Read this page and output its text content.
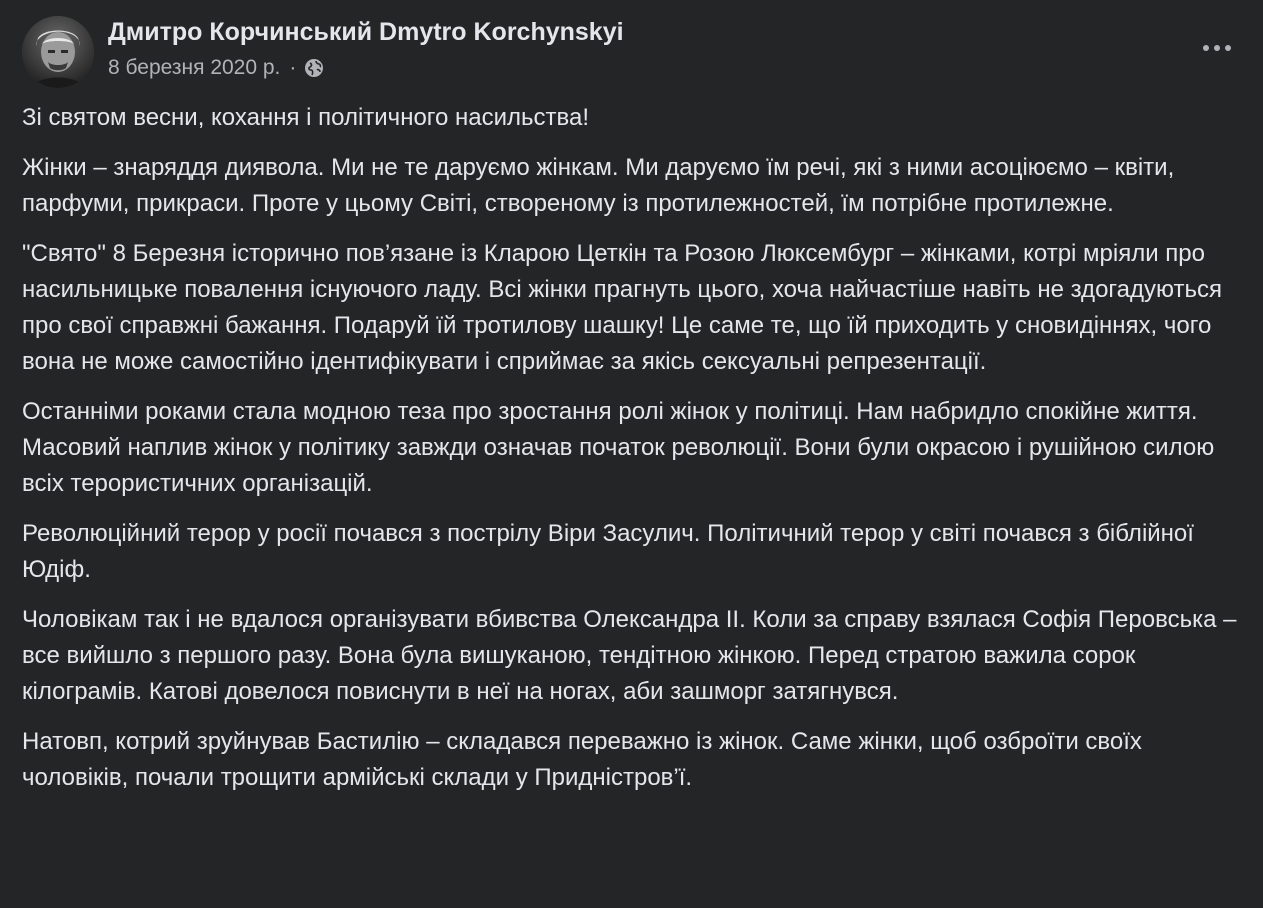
Дмитро Корчинський Dmytro Korchynskyi
8 березня 2020 р. ·

Зі святом весни, кохання і політичного насильства!

Жінки – знаряддя диявола. Ми не те даруємо жінкам. Ми даруємо їм речі, які з ними асоціюємо – квіти, парфуми, прикраси. Проте у цьому Світі, створеному із протилежностей, їм потрібне протилежне.

"Свято" 8 Березня історично пов’язане із Кларою Цеткін та Розою Люксембург – жінками, котрі мріяли про насильницьке повалення існуючого ладу. Всі жінки прагнуть цього, хоча найчастіше навіть не здогадуються про свої справжні бажання. Подаруй їй тротилову шашку! Це саме те, що їй приходить у сновидіннях, чого вона не може самостійно ідентифікувати і сприймає за якісь сексуальні репрезентації.

Останніми роками стала модною теза про зростання ролі жінок у політиці. Нам набридло спокійне життя. Масовий наплив жінок у політику завжди означав початок революції. Вони були окрасою і рушійною силою всіх терористичних організацій.

Революційний терор у росії почався з пострілу Віри Засулич. Політичний терор у світі почався з біблійної Юдіф.

Чоловікам так і не вдалося організувати вбивства Олександра ІІ. Коли за справу взялася Софія Перовська – все вийшло з першого разу. Вона була вишуканою, тендітною жінкою. Перед стратою важила сорок кілограмів. Катові довелося повиснути в неї на ногах, аби зашморг затягнувся.

Натовп, котрий зруйнував Бастилію – складався переважно із жінок. Саме жінки, щоб озброїти своїх чоловіків, почали трощити армійські склади у Придністров’ї.
